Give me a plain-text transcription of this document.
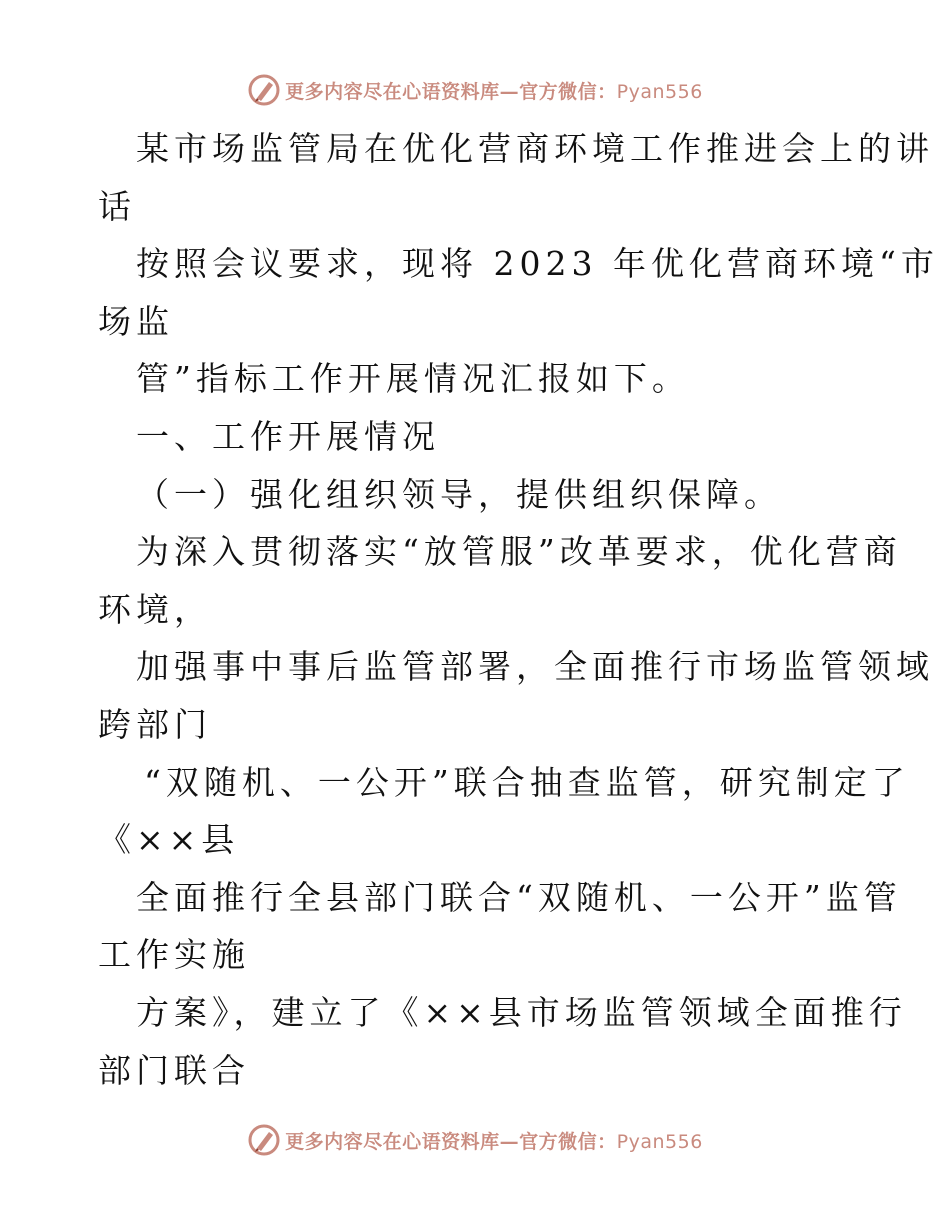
更多内容尽在心语资料库—官方微信：Pyan556
某市场监管局在优化营商环境工作推进会上的讲
话
按照会议要求，现将 2023 年优化营商环境“市
场监
管”指标工作开展情况汇报如下。
一、工作开展情况
（一）强化组织领导，提供组织保障。
为深入贯彻落实“放管服”改革要求，优化营商
环境，
加强事中事后监管部署，全面推行市场监管领域
跨部门
“双随机、一公开”联合抽查监管，研究制定了
《××县
全面推行全县部门联合“双随机、一公开”监管
工作实施
方案》，建立了《××县市场监管领域全面推行
部门联合
更多内容尽在心语资料库—官方微信：Pyan556
